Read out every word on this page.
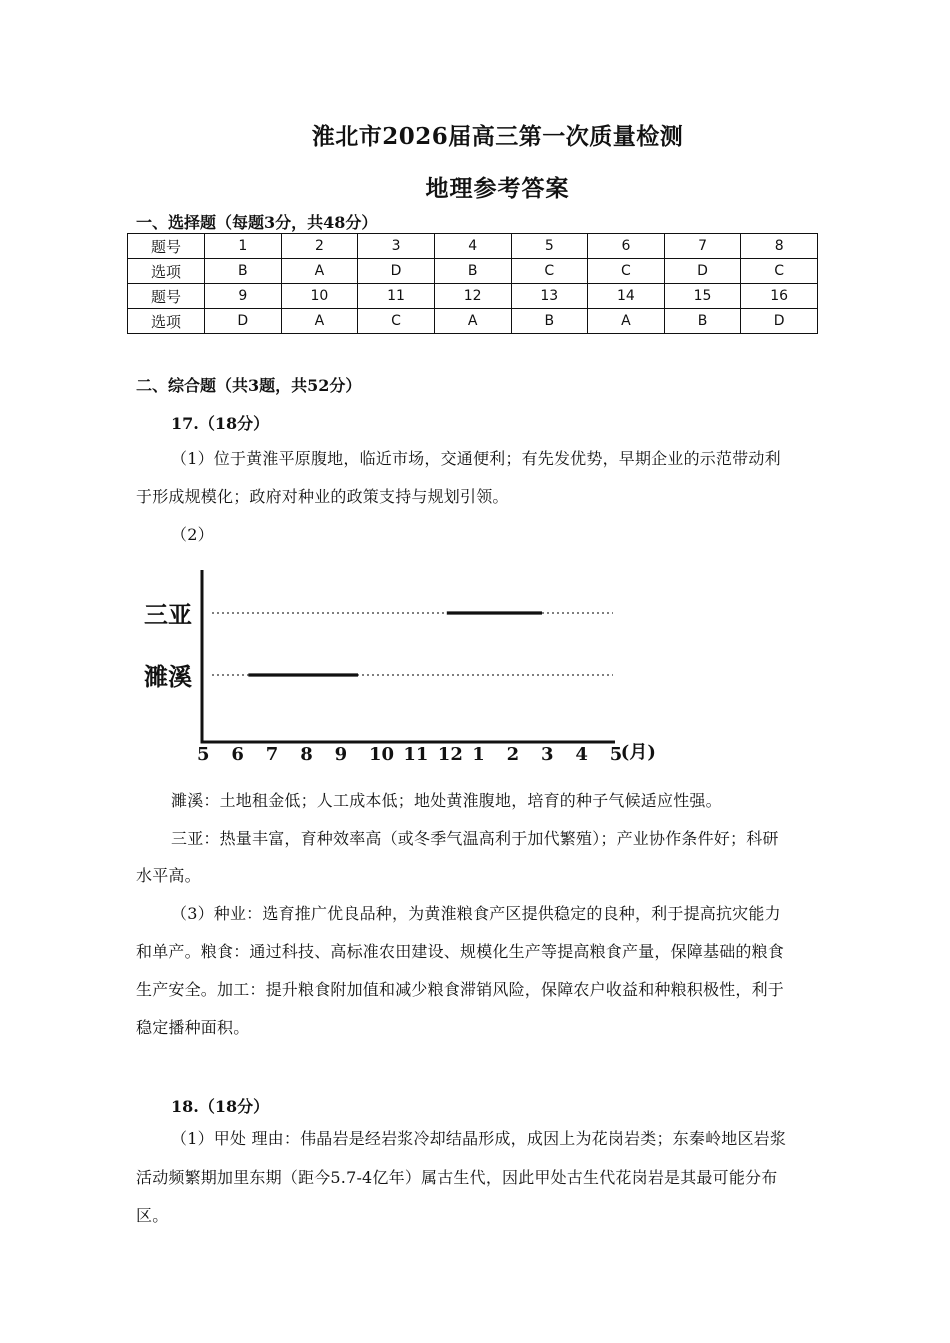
淮北市2026届高三第一次质量检测
地理参考答案
一、选择题（每题3分，共48分）
题号	1	2	3	4	5	6	7	8
选项	B	A	D	B	C	C	D	C
题号	9	10	11	12	13	14	15	16
选项	D	A	C	A	B	A	B	D
二、综合题（共3题，共52分）
17.（18分）
（1）位于黄淮平原腹地，临近市场，交通便利；有先发优势，早期企业的示范带动利
于形成规模化；政府对种业的政策支持与规划引领。
（2）
三亚
濉溪
5 6 7 8 9 10 11 12 1 2 3 4 5
(月)
濉溪：土地租金低；人工成本低；地处黄淮腹地，培育的种子气候适应性强。
三亚：热量丰富，育种效率高（或冬季气温高利于加代繁殖）；产业协作条件好；科研
水平高。
（3）种业：选育推广优良品种，为黄淮粮食产区提供稳定的良种，利于提高抗灾能力
和单产。粮食：通过科技、高标准农田建设、规模化生产等提高粮食产量，保障基础的粮食
生产安全。加工：提升粮食附加值和减少粮食滞销风险，保障农户收益和种粮积极性，利于
稳定播种面积。
18.（18分）
（1）甲处 理由：伟晶岩是经岩浆冷却结晶形成，成因上为花岗岩类；东秦岭地区岩浆
活动频繁期加里东期（距今5.7-4亿年）属古生代，因此甲处古生代花岗岩是其最可能分布
区。
